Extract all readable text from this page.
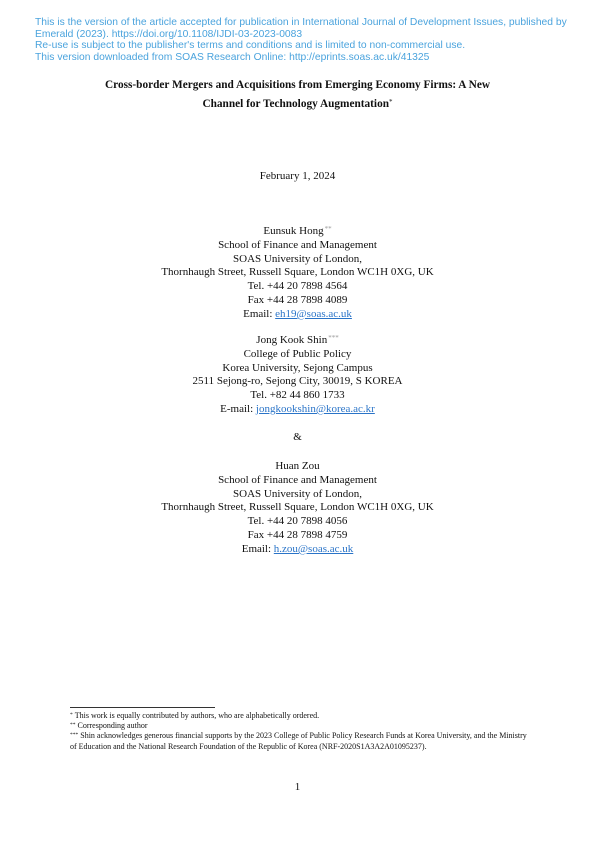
This is the version of the article accepted for publication in International Journal of Development Issues, published by
Emerald (2023). https://doi.org/10.1108/IJDI-03-2023-0083
Re-use is subject to the publisher's terms and conditions and is limited to non-commercial use.
This version downloaded from SOAS Research Online: http://eprints.soas.ac.uk/41325
Cross-border Mergers and Acquisitions from Emerging Economy Firms: A New
Channel for Technology Augmentation*
February 1, 2024
Eunsuk Hong**
School of Finance and Management
SOAS University of London,
Thornhaugh Street, Russell Square, London WC1H 0XG, UK
Tel. +44 20 7898 4564
Fax +44 28 7898 4089
Email: eh19@soas.ac.uk
Jong Kook Shin***
College of Public Policy
Korea University, Sejong Campus
2511 Sejong-ro, Sejong City, 30019, S KOREA
Tel. +82 44 860 1733
E-mail: jongkookshin@korea.ac.kr
&
Huan Zou
School of Finance and Management
SOAS University of London,
Thornhaugh Street, Russell Square, London WC1H 0XG, UK
Tel. +44 20 7898 4056
Fax +44 28 7898 4759
Email: h.zou@soas.ac.uk
* This work is equally contributed by authors, who are alphabetically ordered.
** Corresponding author
*** Shin acknowledges generous financial supports by the 2023 College of Public Policy Research Funds at Korea University, and the Ministry of Education and the National Research Foundation of the Republic of Korea (NRF-2020S1A3A2A01095237).
1
